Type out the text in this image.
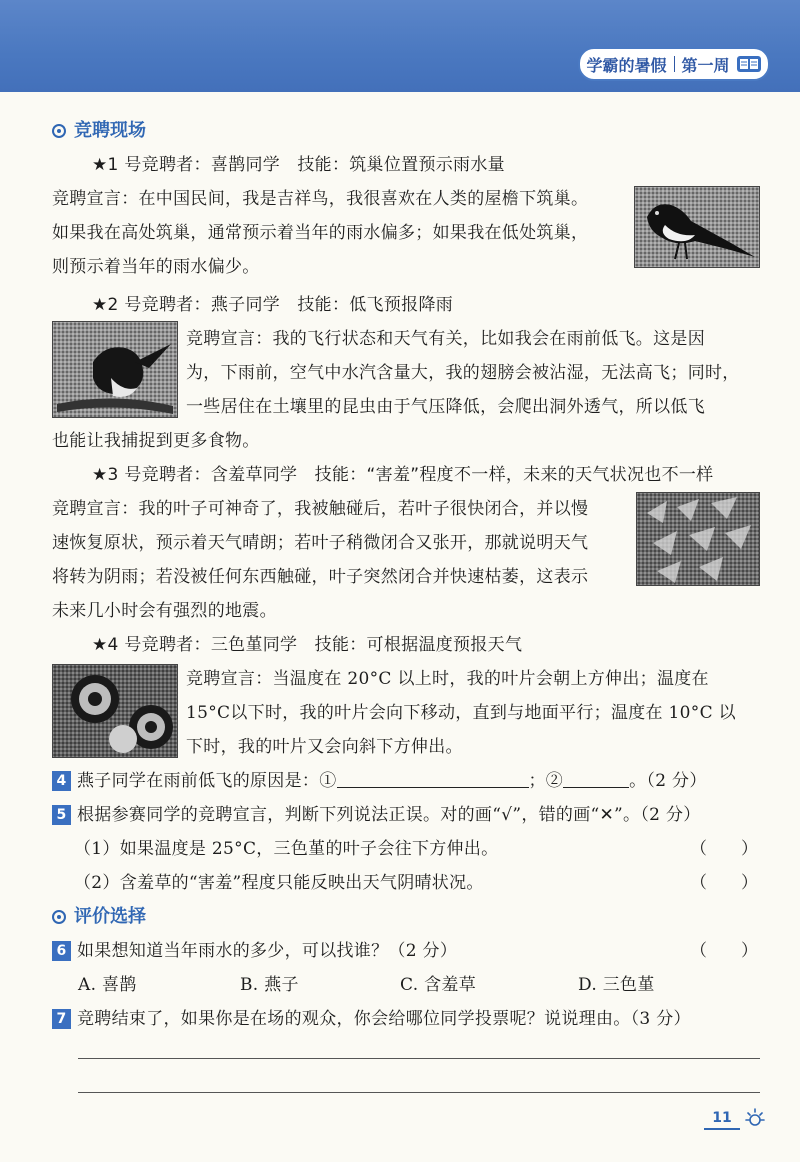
学霸的暑假 第一周
竞聘现场
★1 号竞聘者：喜鹊同学　技能：筑巢位置预示雨水量
竞聘宣言：在中国民间，我是吉祥鸟，我很喜欢在人类的屋檐下筑巢。
如果我在高处筑巢，通常预示着当年的雨水偏多；如果我在低处筑巢，
则预示着当年的雨水偏少。
★2 号竞聘者：燕子同学　技能：低飞预报降雨
竞聘宣言：我的飞行状态和天气有关，比如我会在雨前低飞。这是因
为，下雨前，空气中水汽含量大，我的翅膀会被沾湿，无法高飞；同时，
一些居住在土壤里的昆虫由于气压降低，会爬出洞外透气，所以低飞
也能让我捕捉到更多食物。
★3 号竞聘者：含羞草同学　技能：“害羞”程度不一样，未来的天气状况也不一样
竞聘宣言：我的叶子可神奇了，我被触碰后，若叶子很快闭合，并以慢
速恢复原状，预示着天气晴朗；若叶子稍微闭合又张开，那就说明天气
将转为阴雨；若没被任何东西触碰，叶子突然闭合并快速枯萎，这表示
未来几小时会有强烈的地震。
★4 号竞聘者：三色堇同学　技能：可根据温度预报天气
竞聘宣言：当温度在 20°C 以上时，我的叶片会朝上方伸出；温度在
15°C以下时，我的叶片会向下移动，直到与地面平行；温度在 10°C 以
下时，我的叶片又会向斜下方伸出。
4 燕子同学在雨前低飞的原因是：①	；②	。（2 分）
5 根据参赛同学的竞聘宣言，判断下列说法正误。对的画“√”，错的画“✕”。（2 分）
（1）如果温度是 25°C，三色堇的叶子会往下方伸出。	（　　）
（2）含羞草的“害羞”程度只能反映出天气阴晴状况。	（　　）
评价选择
6 如果想知道当年雨水的多少，可以找谁？（2 分）	（　　）
A. 喜鹊	B. 燕子	C. 含羞草	D. 三色堇
7 竞聘结束了，如果你是在场的观众，你会给哪位同学投票呢？说说理由。（3 分）
11
